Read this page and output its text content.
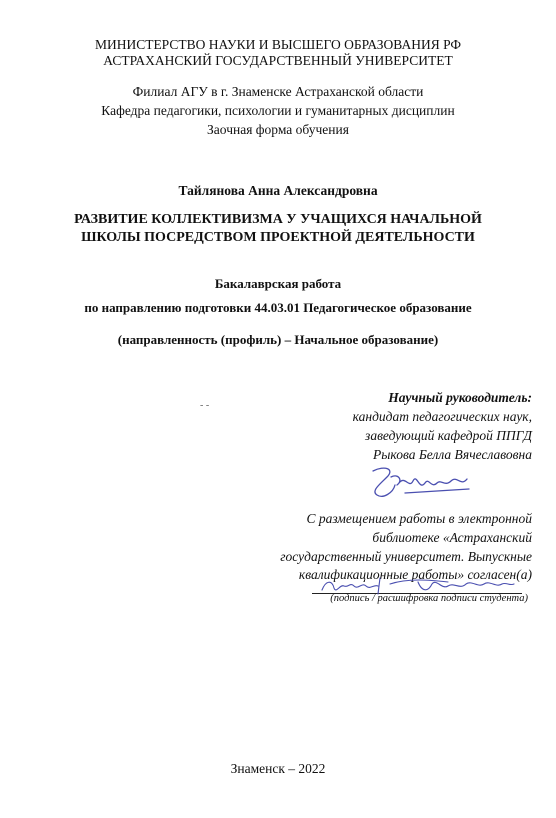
МИНИСТЕРСТВО НАУКИ И ВЫСШЕГО ОБРАЗОВАНИЯ РФ
АСТРАХАНСКИЙ ГОСУДАРСТВЕННЫЙ УНИВЕРСИТЕТ
Филиал АГУ в г. Знаменске Астраханской области
Кафедра педагогики, психологии и гуманитарных дисциплин
Заочная форма обучения
Тайлянова Анна Александровна
РАЗВИТИЕ КОЛЛЕКТИВИЗМА У УЧАЩИХСЯ НАЧАЛЬНОЙ
ШКОЛЫ ПОСРЕДСТВОМ ПРОЕКТНОЙ ДЕЯТЕЛЬНОСТИ
Бакалаврская работа
по направлению подготовки 44.03.01 Педагогическое образование
(направленность (профиль) – Начальное образование)
- -
Научный руководитель:
кандидат педагогических наук,
заведующий кафедрой ППГД
Рыкова Белла Вячеславовна
С размещением работы в электронной
библиотеке «Астраханский
государственный университет. Выпускные
квалификационные работы» согласен(а)
(подпись / расшифровка подписи студента)
Знаменск – 2022
